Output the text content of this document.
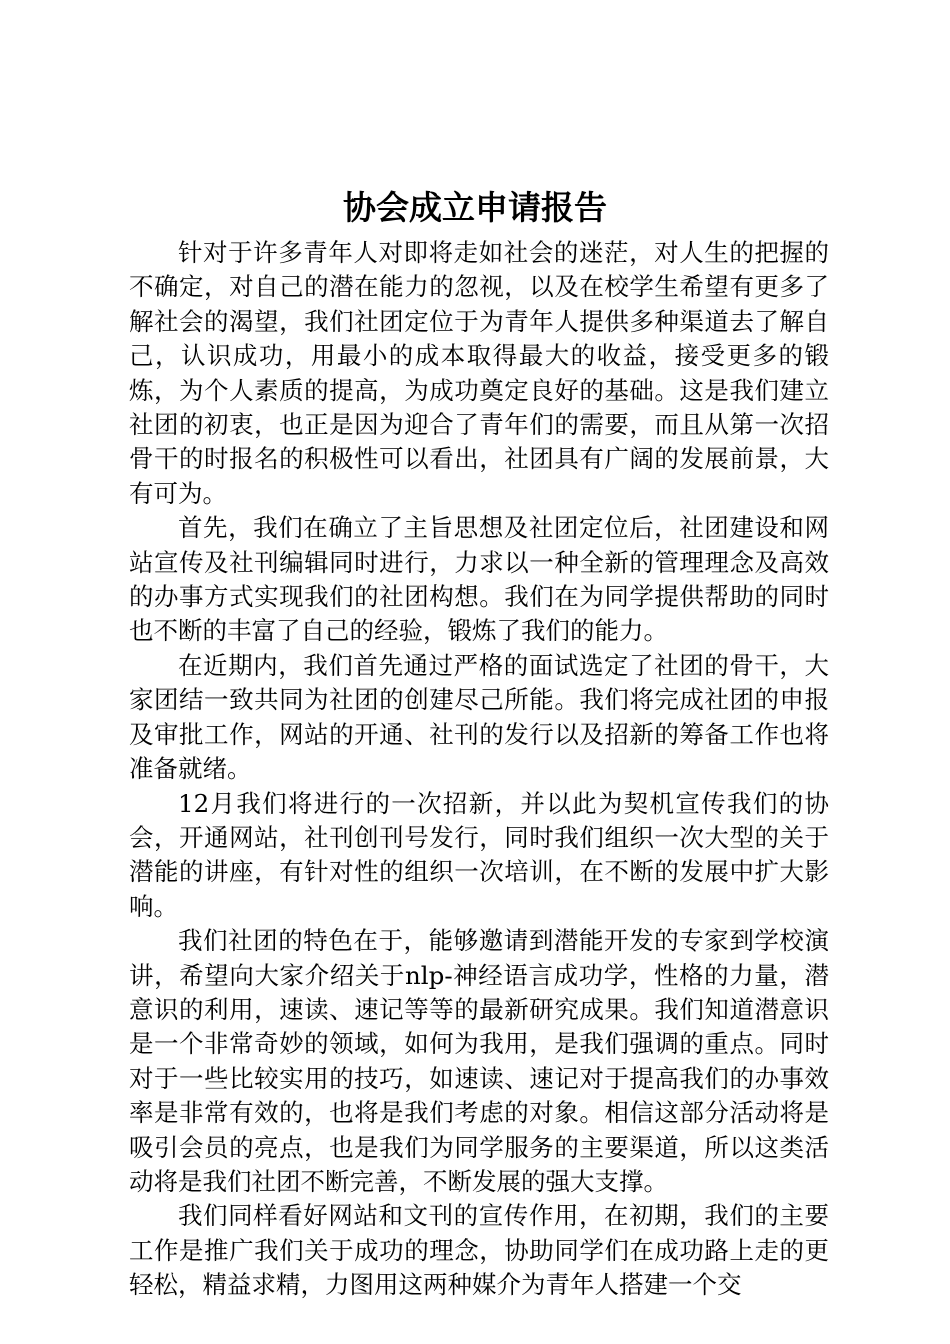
协会成立申请报告

针对于许多青年人对即将走如社会的迷茫，对人生的把握的不确定，对自己的潜在能力的忽视，以及在校学生希望有更多了解社会的渴望，我们社团定位于为青年人提供多种渠道去了解自己，认识成功，用最小的成本取得最大的收益，接受更多的锻炼，为个人素质的提高，为成功奠定良好的基础。这是我们建立社团的初衷，也正是因为迎合了青年们的需要，而且从第一次招骨干的时报名的积极性可以看出，社团具有广阔的发展前景，大有可为。

首先，我们在确立了主旨思想及社团定位后，社团建设和网站宣传及社刊编辑同时进行，力求以一种全新的管理理念及高效的办事方式实现我们的社团构想。我们在为同学提供帮助的同时也不断的丰富了自己的经验，锻炼了我们的能力。

在近期内，我们首先通过严格的面试选定了社团的骨干，大家团结一致共同为社团的创建尽己所能。我们将完成社团的申报及审批工作，网站的开通、社刊的发行以及招新的筹备工作也将准备就绪。

12月我们将进行的一次招新，并以此为契机宣传我们的协会，开通网站，社刊创刊号发行，同时我们组织一次大型的关于潜能的讲座，有针对性的组织一次培训，在不断的发展中扩大影响。

我们社团的特色在于，能够邀请到潜能开发的专家到学校演讲，希望向大家介绍关于nlp-神经语言成功学，性格的力量，潜意识的利用，速读、速记等等的最新研究成果。我们知道潜意识是一个非常奇妙的领域，如何为我用，是我们强调的重点。同时对于一些比较实用的技巧，如速读、速记对于提高我们的办事效率是非常有效的，也将是我们考虑的对象。相信这部分活动将是吸引会员的亮点，也是我们为同学服务的主要渠道，所以这类活动将是我们社团不断完善，不断发展的强大支撑。

我们同样看好网站和文刊的宣传作用，在初期，我们的主要工作是推广我们关于成功的理念，协助同学们在成功路上走的更轻松，精益求精，力图用这两种媒介为青年人搭建一个交
